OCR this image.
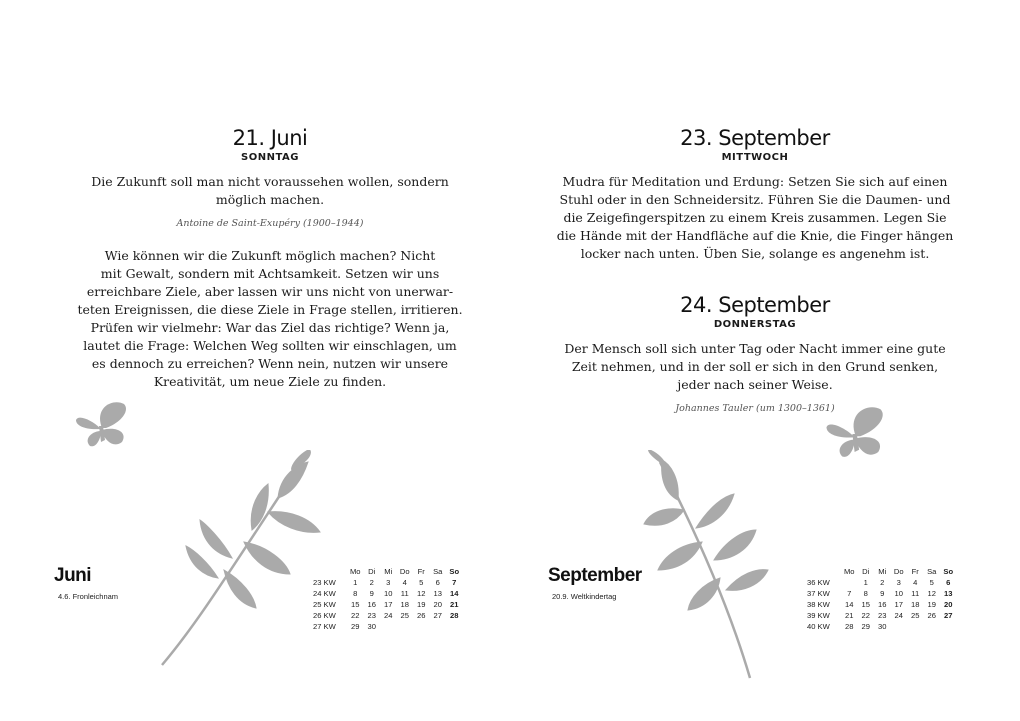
21. Juni
SONNTAG

Die Zukunft soll man nicht voraussehen wollen, sondern
möglich machen.

Antoine de Saint-Exupéry (1900–1944)

Wie können wir die Zukunft möglich machen? Nicht
mit Gewalt, sondern mit Achtsamkeit. Setzen wir uns
erreichbare Ziele, aber lassen wir uns nicht von unerwar-
teten Ereignissen, die diese Ziele in Frage stellen, irritieren.
Prüfen wir vielmehr: War das Ziel das richtige? Wenn ja,
lautet die Frage: Welchen Weg sollten wir einschlagen, um
es dennoch zu erreichen? Wenn nein, nutzen wir unsere
Kreativität, um neue Ziele zu finden.

Juni
4.6. Fronleichnam
	Mo	Di	Mi	Do	Fr	Sa	So
23 KW	1	2	3	4	5	6	7
24 KW	8	9	10	11	12	13	14
25 KW	15	16	17	18	19	20	21
26 KW	22	23	24	25	26	27	28
27 KW	29	30					
23. September
MITTWOCH

Mudra für Meditation und Erdung: Setzen Sie sich auf einen
Stuhl oder in den Schneidersitz. Führen Sie die Daumen- und
die Zeigefingerspitzen zu einem Kreis zusammen. Legen Sie
die Hände mit der Handfläche auf die Knie, die Finger hängen
locker nach unten. Üben Sie, solange es angenehm ist.

24. September
DONNERSTAG

Der Mensch soll sich unter Tag oder Nacht immer eine gute
Zeit nehmen, und in der soll er sich in den Grund senken,
jeder nach seiner Weise.

Johannes Tauler (um 1300–1361)

September
20.9. Weltkindertag
	Mo	Di	Mi	Do	Fr	Sa	So
36 KW		1	2	3	4	5	6
37 KW	7	8	9	10	11	12	13
38 KW	14	15	16	17	18	19	20
39 KW	21	22	23	24	25	26	27
40 KW	28	29	30				
